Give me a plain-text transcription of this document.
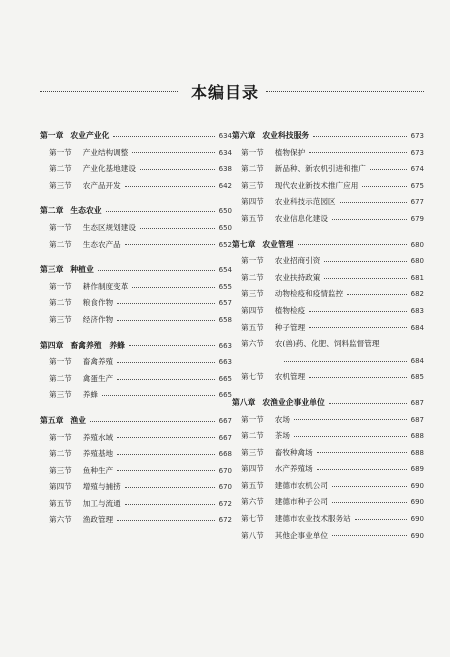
本编目录
第一章 农业产业化	634
第一节 产业结构调整	634
第二节 产业化基地建设	638
第三节 农产品开发	642
第二章 生态农业	650
第一节 生态区规划建设	650
第二节 生态农产品	652
第三章 种植业	654
第一节 耕作制度变革	655
第二节 粮食作物	657
第三节 经济作物	658
第四章 畜禽养殖　养蜂	663
第一节 畜禽养殖	663
第二节 禽蛋生产	665
第三节 养蜂	665
第五章 渔业	667
第一节 养殖水域	667
第二节 养殖基地	668
第三节 鱼种生产	670
第四节 增殖与捕捞	670
第五节 加工与流通	672
第六节 渔政管理	672
第六章 农业科技服务	673
第一节 植物保护	673
第二节 新品种、新农机引进和推广	674
第三节 现代农业新技术推广应用	675
第四节 农业科技示范园区	677
第五节 农业信息化建设	679
第七章 农业管理	680
第一节 农业招商引资	680
第二节 农业扶持政策	681
第三节 动物检疫和疫情监控	682
第四节 植物检疫	683
第五节 种子管理	684
第六节 农(兽)药、化肥、饲料监督管理
684
第七节 农机管理	685
第八章 农渔业企事业单位	687
第一节 农场	687
第二节 茶场	688
第三节 畜牧种禽场	688
第四节 水产养殖场	689
第五节 建德市农机公司	690
第六节 建德市种子公司	690
第七节 建德市农业技术服务站	690
第八节 其他企事业单位	690
